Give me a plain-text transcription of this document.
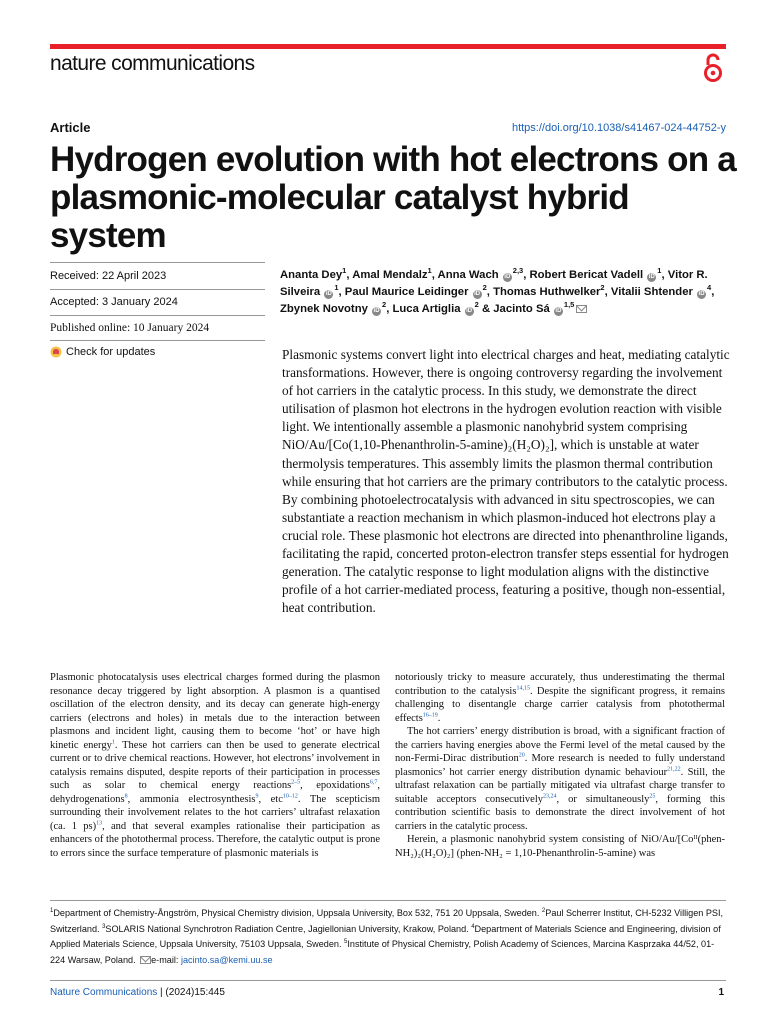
nature communications
Article	https://doi.org/10.1038/s41467-024-44752-y
Hydrogen evolution with hot electrons on a plasmonic-molecular catalyst hybrid system
Received: 22 April 2023
Accepted: 3 January 2024
Published online: 10 January 2024
Check for updates

Ananta Dey$^1$, Amal Mendalz$^1$, Anna Wach iD$^{2,3}$, Robert Bericat Vadell $iD^1$, Vitor R. Silveira $iD^1$, Paul Maurice Leidinger $iD^2$, Thomas Huthwelker$^2$, Vitalii Shtender $iD^4$, Zbynek Novotny $iD^2$, Luca Artiglia $iD^2$ & Jacinto Sá iD$^{1,5}$

Plasmonic systems convert light into electrical charges and heat, mediating catalytic transformations. However, there is ongoing controversy regarding the involvement of hot carriers in the catalytic process. In this study, we demonstrate the direct utilisation of plasmon hot electrons in the hydrogen evolution reaction with visible light. We intentionally assemble a plasmonic nanohybrid system comprising NiO/Au/[Co(1,10-Phenanthrolin-5-amine)₂(H₂O)₂], which is unstable at water thermolysis temperatures. This assembly limits the plasmon thermal contribution while ensuring that hot carriers are the primary contributors to the catalytic process. By combining photoelectrocatalysis with advanced in situ spectroscopies, we can substantiate a reaction mechanism in which plasmon-induced hot electrons play a crucial role. These plasmonic hot electrons are directed into phenanthroline ligands, facilitating the rapid, concerted proton-electron transfer steps essential for hydrogen generation. The catalytic response to light modulation aligns with the distinctive profile of a hot carrier-mediated process, featuring a positive, though non-essential, heat contribution.

Plasmonic photocatalysis uses electrical charges formed during the plasmon resonance decay triggered by light absorption. A plasmon is a quantised oscillation of the electron density, and its decay can generate high-energy carriers (electrons and holes) in metals due to the interaction between plasmons and incident light, causing them to become ‘hot’ or have high kinetic energy$^1$. These hot carriers can then be used to generate electrical current or to drive chemical reactions. However, hot electrons’ involvement in catalysis remains disputed, despite reports of their participation in processes such as solar to chemical energy reactions$^{2-5}$, epoxidations$^{6,7}$, dehydrogenations$^8$, ammonia electrosynthesis$^9$, etc$^{10-12}$. The scepticism surrounding their involvement relates to the hot carriers’ ultrafast relaxation (ca. 1 ps)$^{13}$, and that several examples rationalise their participation as enhancers of the photothermal process. Therefore, the catalytic output is prone to errors since the surface temperature of plasmonic materials is

notoriously tricky to measure accurately, thus underestimating the thermal contribution to the catalysis$^{14,15}$. Despite the significant progress, it remains challenging to disentangle charge carrier catalysis from photothermal effects$^{16-19}$.

The hot carriers’ energy distribution is broad, with a significant fraction of the carriers having energies above the Fermi level of the metal caused by the non-Fermi-Dirac distribution$^{20}$. More research is needed to fully understand plasmonics’ hot carrier energy distribution dynamic behaviour$^{21,22}$. Still, the ultrafast relaxation can be partially mitigated via ultrafast charge transfer to suitable acceptors consecutively$^{23,24}$, or simultaneously$^{25}$, forming this contribution scientific basis to demonstrate the direct involvement of hot carriers in the catalytic process.

Herein, a plasmonic nanohybrid system consisting of NiO/Au/[Coᴵᴵ(phen-NH₂)₂(H₂O)₂] (phen-NH₂ = 1,10-Phenanthrolin-5-amine) was

$^1$Department of Chemistry-Ångström, Physical Chemistry division, Uppsala University, Box 532, 751 20 Uppsala, Sweden. $^2$Paul Scherrer Institut, CH-5232 Villigen PSI, Switzerland. $^3$SOLARIS National Synchrotron Radiation Centre, Jagiellonian University, Krakow, Poland. $^4$Department of Materials Science and Engineering, division of Applied Materials Science, Uppsala University, 75103 Uppsala, Sweden. $^5$Institute of Physical Chemistry, Polish Academy of Sciences, Marcina Kasprzaka 44/52, 01-224 Warsaw, Poland. e-mail: jacinto.sa@kemi.uu.se

Nature Communications | (2024)15:445	1
